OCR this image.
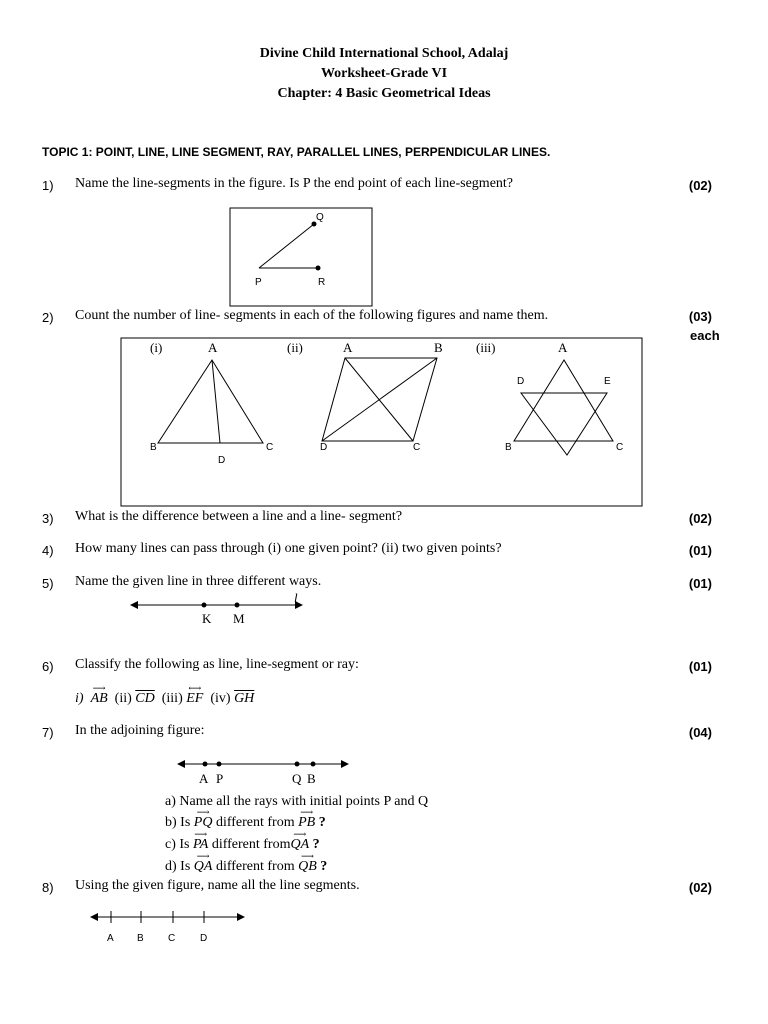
Divine Child International School, Adalaj
Worksheet-Grade VI
Chapter: 4 Basic Geometrical Ideas
TOPIC 1: POINT, LINE, LINE SEGMENT, RAY, PARALLEL LINES, PERPENDICULAR LINES.
1) Name the line-segments in the figure. Is P the end point of each line-segment?	(02)
Q
P	R
(i)	A
B	C
D
(ii)	A	B
D	C
(iii)	A
D	E
B	C
K M
l
A P	Q B
A B C D
2) Count the number of line- segments in each of the following figures and name them.	(03)
each
3) What is the difference between a line and a line- segment?	(02)
4) How many lines can pass through (i) one given point? (ii) two given points?	(01)
5) Name the given line in three different ways.	(01)
6) Classify the following as line, line-segment or ray:	(01)
i)
⟶
AB (ii) $\overline{CD}$ (iii)
⟷
EF (iv) $\overline{GH}$
7) In the adjoining figure:	(04)
a) Name all the rays with initial points P and Q
b) Is
⟶
PQ different from
⟶
PB ?
c) Is
⟶
PA different from
⟶
QA ?
d) Is
⟶
QA different from
⟶
QB ?
8) Using the given figure, name all the line segments.	(02)
